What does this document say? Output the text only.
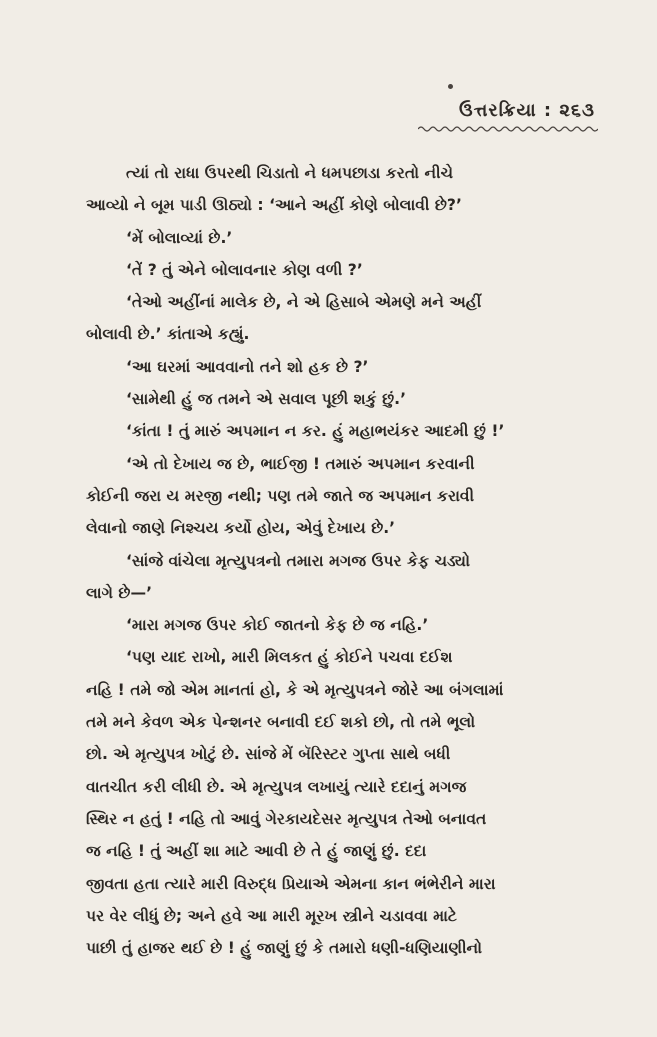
ઉત્તરક્રિયા : ૨૬૩
ત્યાં તો રાધા ઉપરથી ચિડાતો ને ધમપછાડા કરતો નીચે
આવ્યો ને બૂમ પાડી ઊઠ્યો : ‘આને અહીં કોણે બોલાવી છે?’
‘મેં બોલાવ્યાં છે.’
‘તેં ? તું એને બોલાવનાર કોણ વળી ?’
‘તેઓ અહીંનાં માલેક છે, ને એ હિસાબે એમણે મને અહીં
બોલાવી છે.’ કાંતાએ કહ્યું.
‘આ ઘરમાં આવવાનો તને શો હક છે ?’
‘સામેથી હું જ તમને એ સવાલ પૂછી શકું છું.’
‘કાંતા ! તું મારું અપમાન ન કર. હું મહાભયંકર આદમી છું !’
‘એ તો દેખાય જ છે, ભાઈજી ! તમારું અપમાન કરવાની
કોઈની જરા ય મરજી નથી; પણ તમે જાતે જ અપમાન કરાવી
લેવાનો જાણે નિશ્ચય કર્યો હોય, એવું દેખાય છે.’
‘સાંજે વાંચેલા મૃત્યુપત્રનો તમારા મગજ ઉપર કેફ ચડ્યો
લાગે છે—’
‘મારા મગજ ઉપર કોઈ જાતનો કેફ છે જ નહિ.’
‘પણ યાદ રાખો, મારી મિલકત હું કોઈને પચવા દઈશ
નહિ ! તમે જો એમ માનતાં હો, કે એ મૃત્યુપત્રને જોરે આ બંગલામાં
તમે મને કેવળ એક પેન્શનર બનાવી દઈ શકો છો, તો તમે ભૂલો
છો. એ મૃત્યુપત્ર ખોટું છે. સાંજે મેં બૅરિસ્ટર ગુપ્તા સાથે બધી
વાતચીત કરી લીધી છે. એ મૃત્યુપત્ર લખાયું ત્યારે દદાનું મગજ
સ્થિર ન હતું ! નહિ તો આવું ગેરકાયદેસર મૃત્યુપત્ર તેઓ બનાવત
જ નહિ ! તું અહીં શા માટે આવી છે તે હું જાણું છું. દદા
જીવતા હતા ત્યારે મારી વિરુદ્ધ પ્રિયાએ એમના કાન ભંભેરીને મારા
પર વેર લીધું છે; અને હવે આ મારી મૂરખ સ્ત્રીને ચડાવવા માટે
પાછી તું હાજર થઈ છે ! હું જાણું છું કે તમારો ધણી-ધણિયાણીનો
